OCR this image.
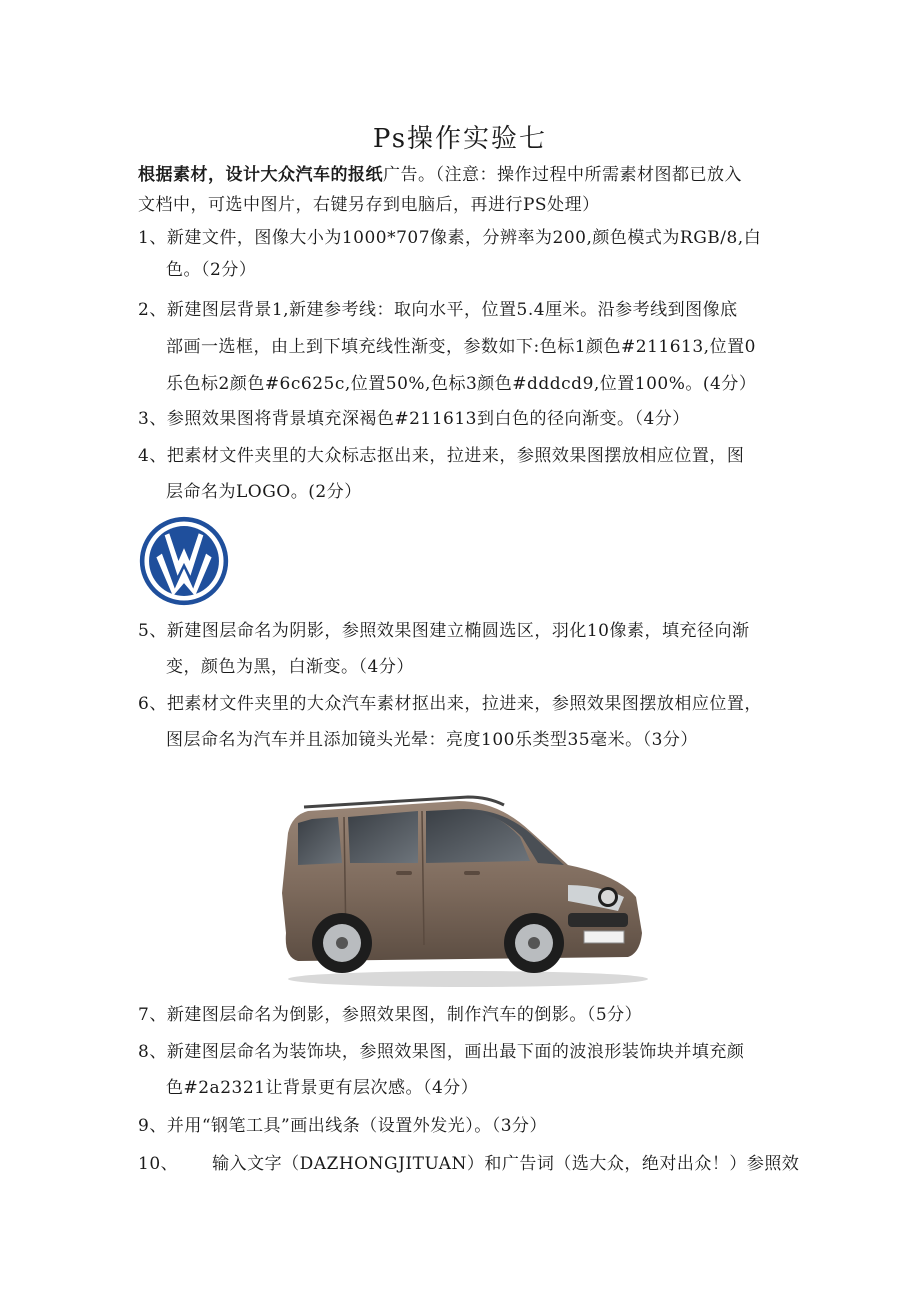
Ps操作实验七
根据素材，设计大众汽车的报纸广告。（注意：操作过程中所需素材图都已放入
文档中，可选中图片，右键另存到电脑后，再进行PS处理）
1、新建文件，图像大小为1000*707像素，分辨率为200,颜色模式为RGB/8,白
色。（2分）
2、新建图层背景1,新建参考线：取向水平，位置5.4厘米。沿参考线到图像底
部画一选框，由上到下填充线性渐变，参数如下:色标1颜色#211613,位置0
乐色标2颜色#6c625c,位置50%,色标3颜色#dddcd9,位置100%。(4分）
3、参照效果图将背景填充深褐色#211613到白色的径向渐变。（4分）
4、把素材文件夹里的大众标志抠出来，拉进来，参照效果图摆放相应位置，图
层命名为LOGO。(2分）
5、新建图层命名为阴影，参照效果图建立椭圆选区，羽化10像素，填充径向渐
变，颜色为黑，白渐变。（4分）
6、把素材文件夹里的大众汽车素材抠出来，拉进来，参照效果图摆放相应位置，
图层命名为汽车并且添加镜头光晕：亮度100乐类型35毫米。（3分）
7、新建图层命名为倒影，参照效果图，制作汽车的倒影。（5分）
8、新建图层命名为装饰块，参照效果图，画出最下面的波浪形装饰块并填充颜
色#2a2321让背景更有层次感。（4分）
9、并用“钢笔工具”画出线条（设置外发光）。（3分）
10、 输入文字（DAZHONGJITUAN）和广告词（选大众，绝对出众！）参照效
